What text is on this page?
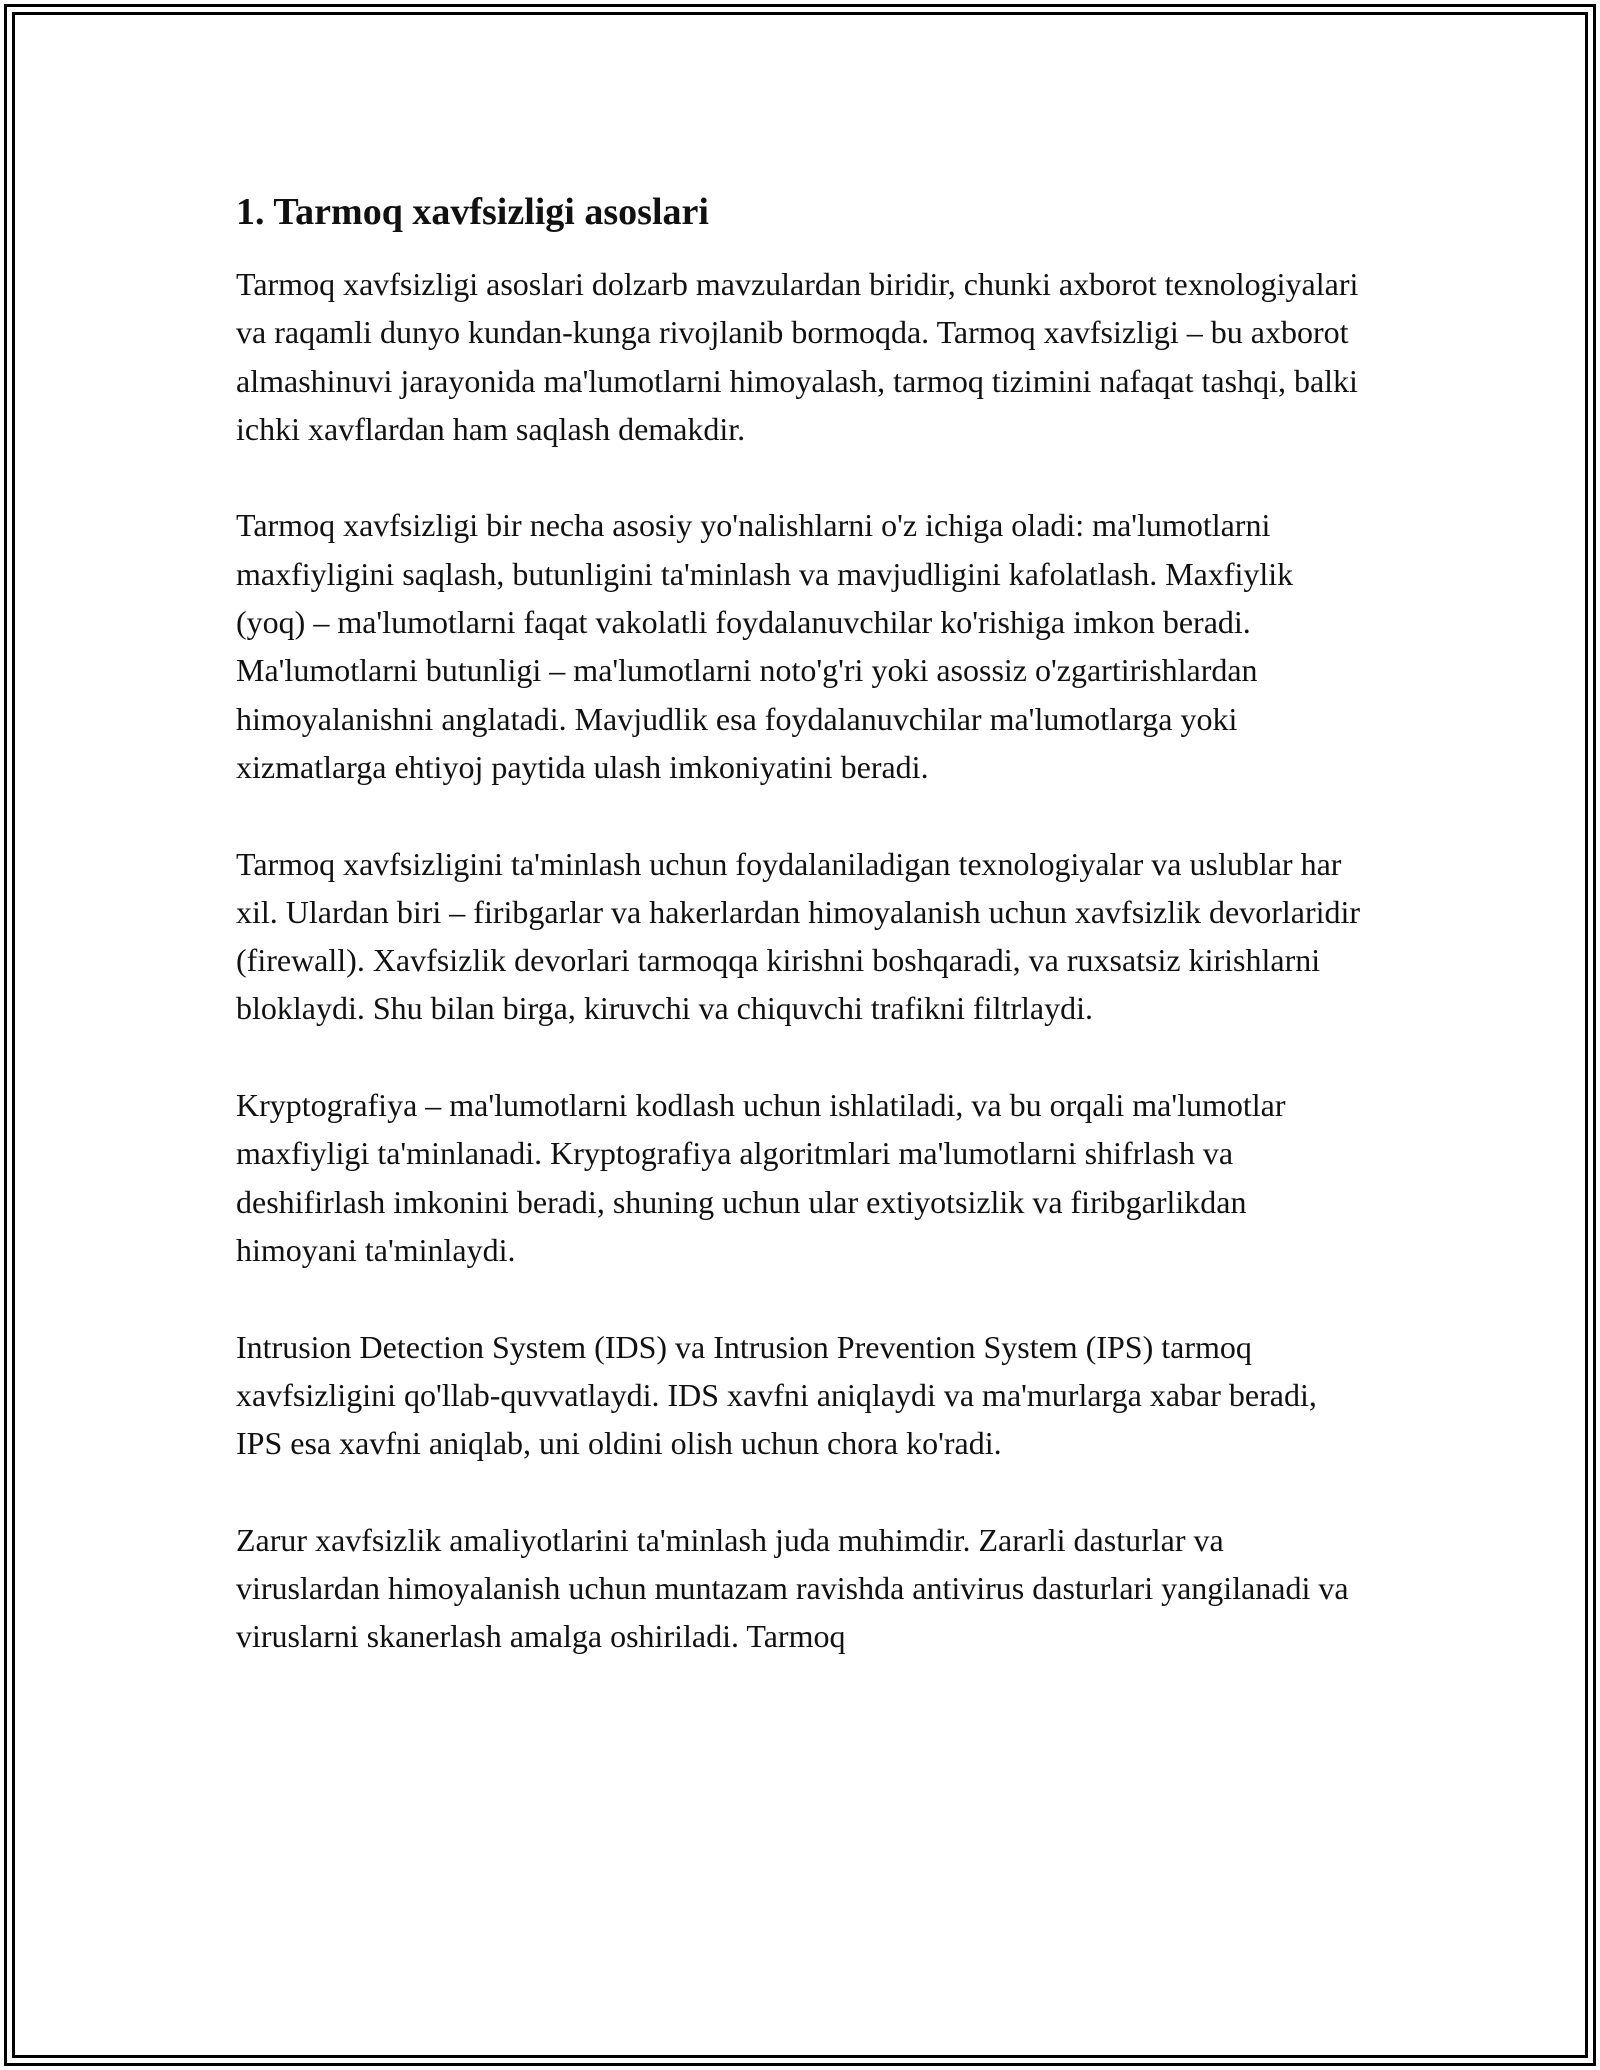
1. Tarmoq xavfsizligi asoslari

Tarmoq xavfsizligi asoslari dolzarb mavzulardan biridir, chunki axborot texnologiyalari va raqamli dunyo kundan-kunga rivojlanib bormoqda. Tarmoq xavfsizligi – bu axborot almashinuvi jarayonida ma'lumotlarni himoyalash, tarmoq tizimini nafaqat tashqi, balki ichki xavflardan ham saqlash demakdir.

Tarmoq xavfsizligi bir necha asosiy yo'nalishlarni o'z ichiga oladi: ma'lumotlarni maxfiyligini saqlash, butunligini ta'minlash va mavjudligini kafolatlash. Maxfiylik (yoq) – ma'lumotlarni faqat vakolatli foydalanuvchilar ko'rishiga imkon beradi. Ma'lumotlarni butunligi – ma'lumotlarni noto'g'ri yoki asossiz o'zgartirishlardan himoyalanishni anglatadi. Mavjudlik esa foydalanuvchilar ma'lumotlarga yoki xizmatlarga ehtiyoj paytida ulash imkoniyatini beradi.

Tarmoq xavfsizligini ta'minlash uchun foydalaniladigan texnologiyalar va uslublar har xil. Ulardan biri – firibgarlar va hakerlardan himoyalanish uchun xavfsizlik devorlaridir (firewall). Xavfsizlik devorlari tarmoqqa kirishni boshqaradi, va ruxsatsiz kirishlarni bloklaydi. Shu bilan birga, kiruvchi va chiquvchi trafikni filtrlaydi.

Kryptografiya – ma'lumotlarni kodlash uchun ishlatiladi, va bu orqali ma'lumotlar maxfiyligi ta'minlanadi. Kryptografiya algoritmlari ma'lumotlarni shifrlash va deshifirlash imkonini beradi, shuning uchun ular extiyotsizlik va firibgarlikdan himoyani ta'minlaydi.

Intrusion Detection System (IDS) va Intrusion Prevention System (IPS) tarmoq xavfsizligini qo'llab-quvvatlaydi. IDS xavfni aniqlaydi va ma'murlarga xabar beradi, IPS esa xavfni aniqlab, uni oldini olish uchun chora ko'radi.

Zarur xavfsizlik amaliyotlarini ta'minlash juda muhimdir. Zararli dasturlar va viruslardan himoyalanish uchun muntazam ravishda antivirus dasturlari yangilanadi va viruslarni skanerlash amalga oshiriladi. Tarmoq
